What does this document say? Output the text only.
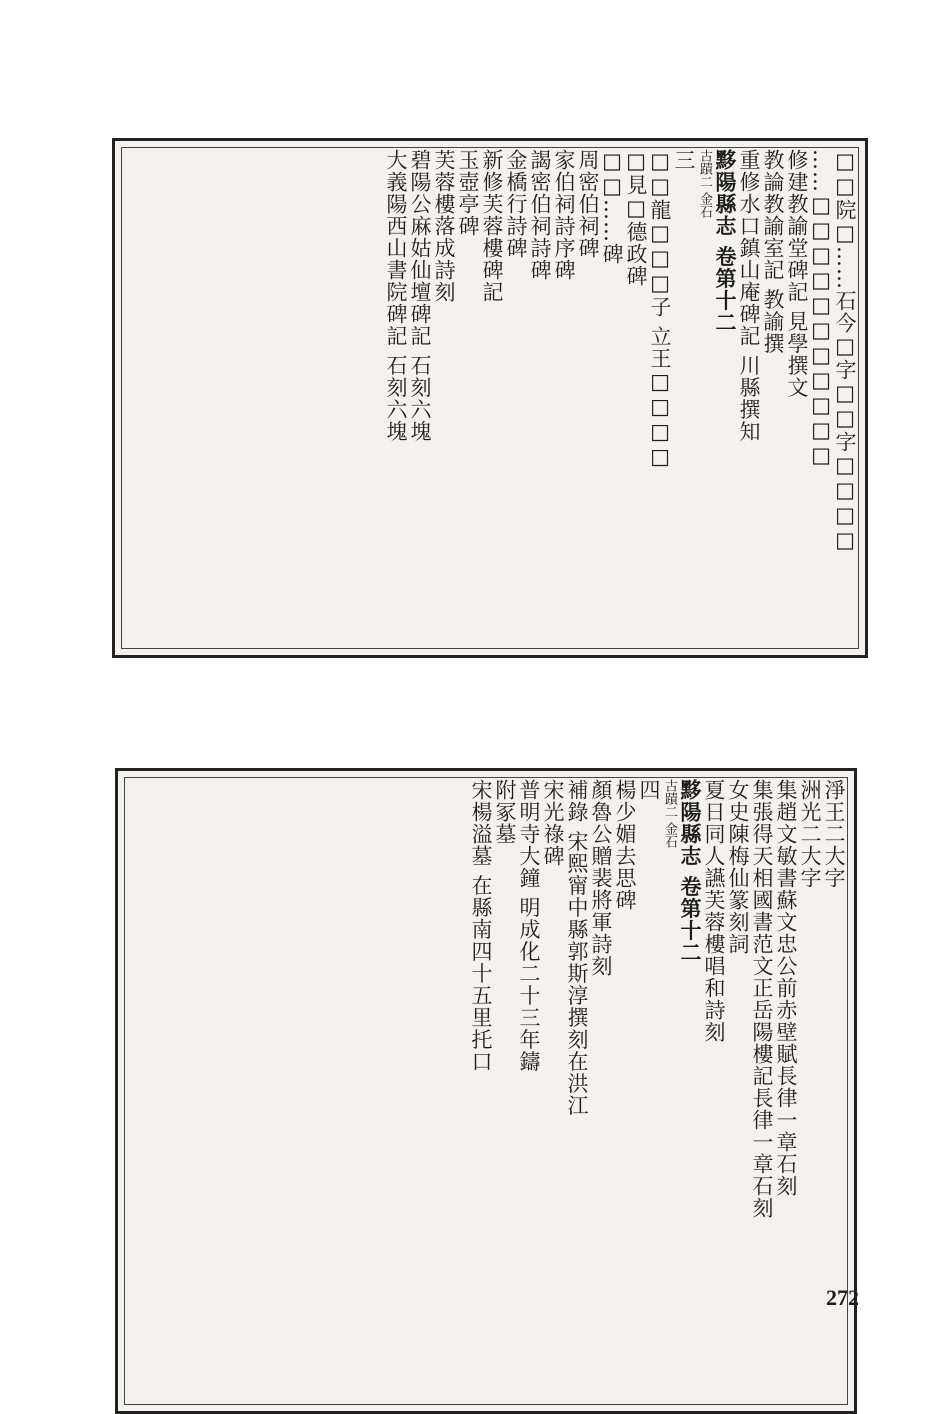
□□院□……石今□字□□字□□□□
……□□□□□□□□□□□
修建教諭堂碑記 見學撰文
教論教諭室記 教諭撰
重修水口鎮山庵碑記 川縣撰知
黟陽縣志 卷第十二
古蹟二 金石
三
□□龍□□□子 立王□□□□
□見□德政碑
□□……碑
周密伯祠碑
家伯祠詩序碑
謁密伯祠詩碑
金橋行詩碑
新修芙蓉樓碑記
玉壺亭碑
芙蓉樓落成詩刻
碧陽公麻姑仙壇碑記 石刻六塊
大義陽西山書院碑記 石刻六塊
淨王二大字
洲光二大字
集趙文敏書蘇文忠公前赤壁賦長律一章石刻
集張得天相國書范文正岳陽樓記長律一章石刻
女史陳梅仙篆刻詞
夏日同人讌芙蓉樓唱和詩刻
黟陽縣志 卷第十二
古蹟二 金石
四
楊少媚去思碑
顏魯公贈裴將軍詩刻
補錄 宋熙甯中縣郭斯淳撰刻在洪江
宋光祿碑
普明寺大鐘 明成化二十三年鑄
附冢墓
宋楊溢墓 在縣南四十五里托口
272
